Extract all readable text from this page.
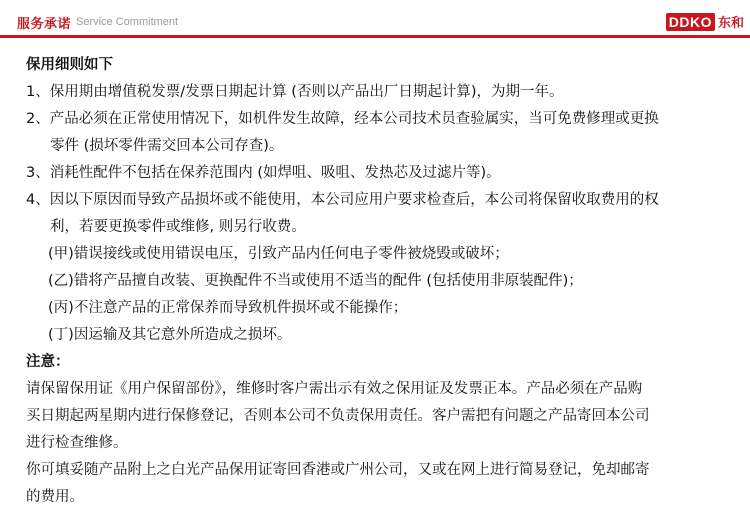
服务承诺 Service Commitment	DDKO 东和
保用细则如下
1、保用期由增值税发票/发票日期起计算 (否则以产品出厂日期起计算)，为期一年。
2、产品必须在正常使用情况下，如机件发生故障，经本公司技术员查验属实，当可免费修理或更换
零件 (损坏零件需交回本公司存查)。
3、消耗性配件不包括在保养范围内 (如焊咀、吸咀、发热芯及过滤片等)。
4、因以下原因而导致产品损坏或不能使用，本公司应用户要求检查后，本公司将保留收取费用的权
利，若要更换零件或维修, 则另行收费。
(甲)错误接线或使用错误电压，引致产品内任何电子零件被烧毁或破坏；
(乙)错将产品擅自改装、更换配件不当或使用不适当的配件 (包括使用非原装配件)；
(丙)不注意产品的正常保养而导致机件损坏或不能操作；
(丁)因运输及其它意外所造成之损坏。
注意：
请保留保用证《用户保留部份》，维修时客户需出示有效之保用证及发票正本。产品必须在产品购
买日期起两星期内进行保修登记，否则本公司不负责保用责任。客户需把有问题之产品寄回本公司
进行检查维修。
你可填妥随产品附上之白光产品保用证寄回香港或广州公司，又或在网上进行简易登记，免却邮寄
的费用。
